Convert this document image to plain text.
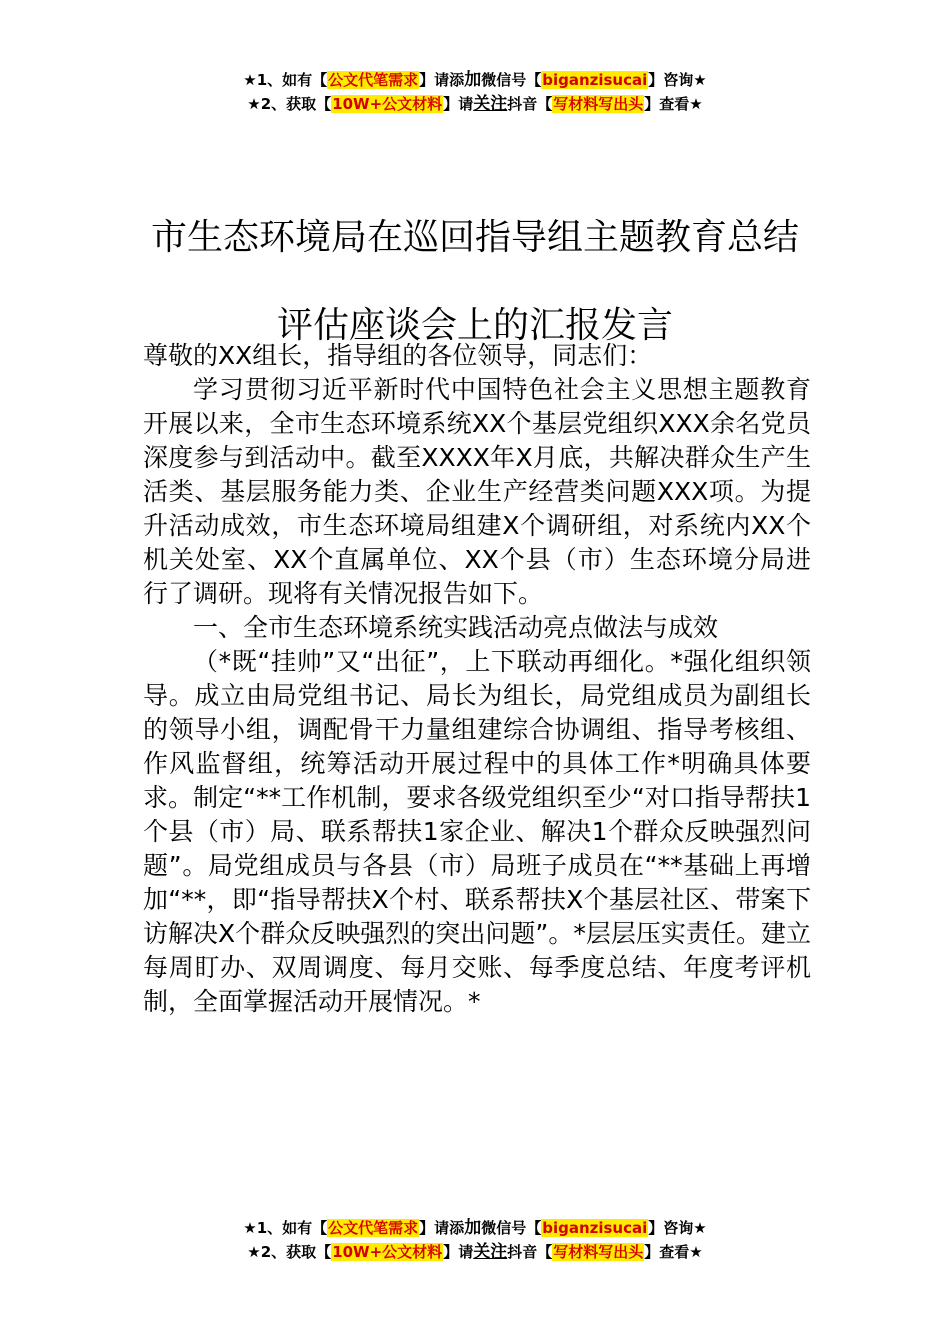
★1、如有【公文代笔需求】请添加微信号【biganzisucai】咨询★
★2、获取【10W+公文材料】请关注抖音【写材料写出头】查看★
市生态环境局在巡回指导组主题教育总结
评估座谈会上的汇报发言

尊敬的XX组长，指导组的各位领导，同志们：

学习贯彻习近平新时代中国特色社会主义思想主题教育开展以来，全市生态环境系统XX个基层党组织XXX余名党员深度参与到活动中。截至XXXX年X月底，共解决群众生产生活类、基层服务能力类、企业生产经营类问题XXX项。为提升活动成效，市生态环境局组建X个调研组，对系统内XX个机关处室、XX个直属单位、XX个县（市）生态环境分局进行了调研。现将有关情况报告如下。

一、全市生态环境系统实践活动亮点做法与成效

（*既“挂帅”又“出征”，上下联动再细化。*强化组织领导。成立由局党组书记、局长为组长，局党组成员为副组长的领导小组，调配骨干力量组建综合协调组、指导考核组、作风监督组，统筹活动开展过程中的具体工作*明确具体要求。制定“**工作机制，要求各级党组织至少“对口指导帮扶1个县（市）局、联系帮扶1家企业、解决1个群众反映强烈问题”。局党组成员与各县（市）局班子成员在“**基础上再增加“**，即“指导帮扶X个村、联系帮扶X个基层社区、带案下访解决X个群众反映强烈的突出问题”。*层层压实责任。建立每周盯办、双周调度、每月交账、每季度总结、年度考评机制，全面掌握活动开展情况。*

★1、如有【公文代笔需求】请添加微信号【biganzisucai】咨询★
★2、获取【10W+公文材料】请关注抖音【写材料写出头】查看★
